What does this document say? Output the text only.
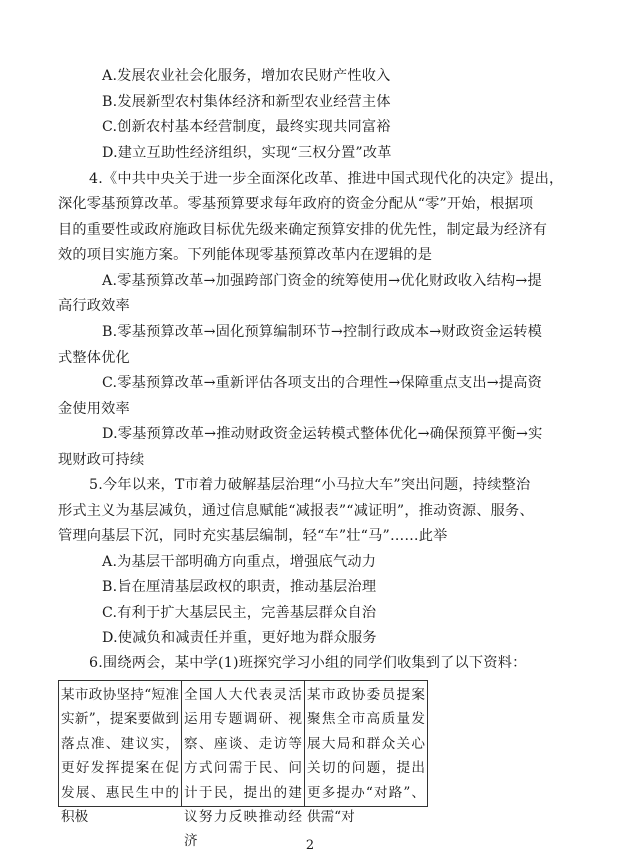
A.发展农业社会化服务，增加农民财产性收入
B.发展新型农村集体经济和新型农业经营主体
C.创新农村基本经营制度，最终实现共同富裕
D.建立互助性经济组织，实现“三权分置”改革
4.《中共中央关于进一步全面深化改革、推进中国式现代化的决定》提出，
深化零基预算改革。零基预算要求每年政府的资金分配从“零”开始，根据项
目的重要性或政府施政目标优先级来确定预算安排的优先性，制定最为经济有
效的项目实施方案。下列能体现零基预算改革内在逻辑的是
A.零基预算改革→加强跨部门资金的统筹使用→优化财政收入结构→提
高行政效率
B.零基预算改革→固化预算编制环节→控制行政成本→财政资金运转模
式整体优化
C.零基预算改革→重新评估各项支出的合理性→保障重点支出→提高资
金使用效率
D.零基预算改革→推动财政资金运转模式整体优化→确保预算平衡→实
现财政可持续
5.今年以来，T市着力破解基层治理“小马拉大车”突出问题，持续整治
形式主义为基层减负，通过信息赋能“减报表”“减证明”，推动资源、服务、
管理向基层下沉，同时充实基层编制，轻“车”壮“马”……此举
A.为基层干部明确方向重点，增强底气动力
B.旨在厘清基层政权的职责，推动基层治理
C.有利于扩大基层民主，完善基层群众自治
D.使减负和减责任并重，更好地为群众服务
6.围绕两会，某中学(1)班探究学习小组的同学们收集到了以下资料：
某市政协坚持“短准实新”，提案要做到落点准、建议实，更好发挥提案在促发展、惠民生中的积极

全国人大代表灵活运用专题调研、视察、座谈、走访等方式问需于民、问计于民，提出的建议努力反映推动经济

某市政协委员提案聚焦全市高质量发展大局和群众关心关切的问题，提出更多提办“对路”、供需“对
2
